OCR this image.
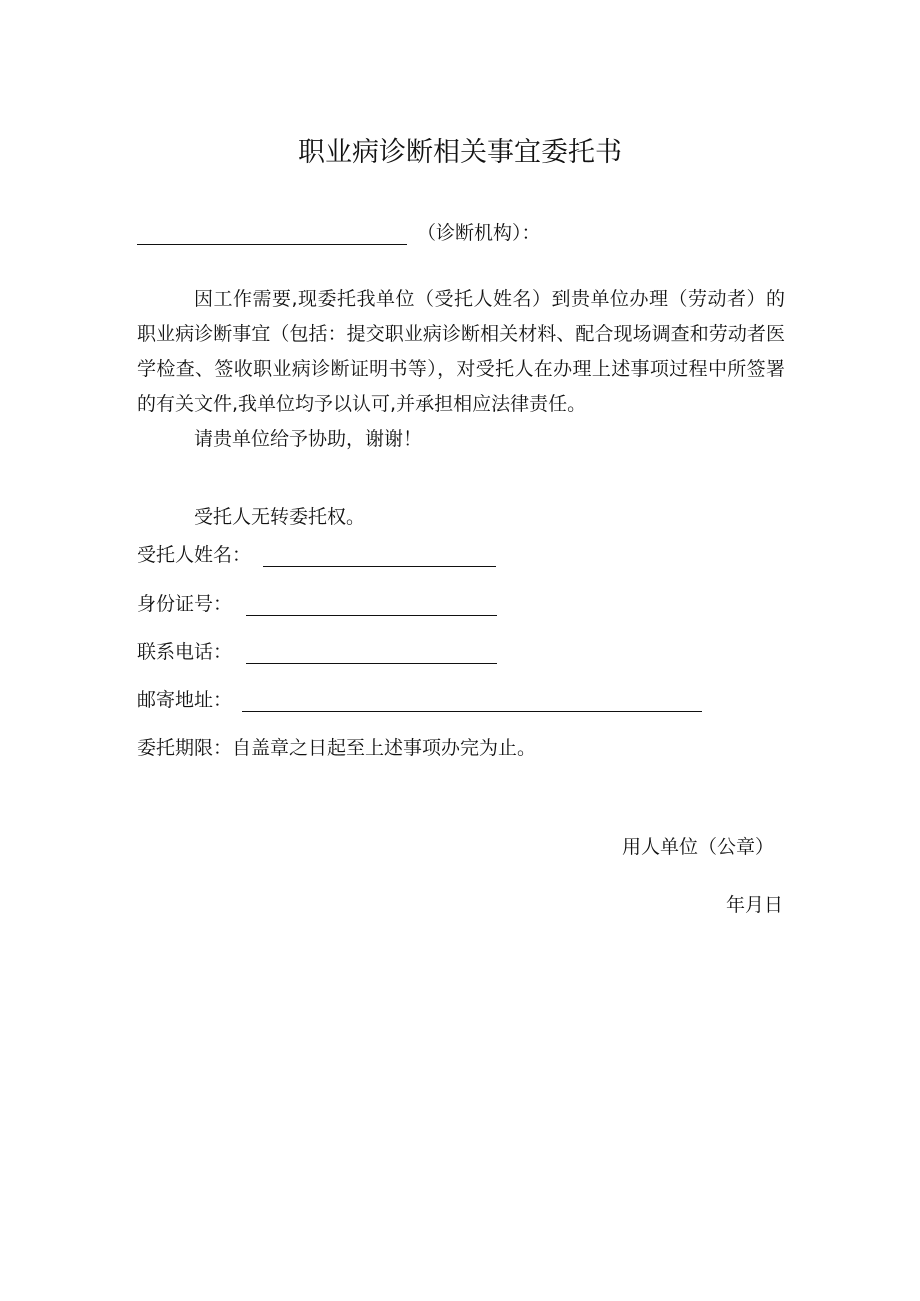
职业病诊断相关事宜委托书
（诊断机构）：

因工作需要,现委托我单位（受托人姓名）到贵单位办理（劳动者）的职业病诊断事宜（包括：提交职业病诊断相关材料、配合现场调查和劳动者医学检查、签收职业病诊断证明书等），对受托人在办理上述事项过程中所签署的有关文件,我单位均予以认可,并承担相应法律责任。

请贵单位给予协助，谢谢！

受托人无转委托权。
受托人姓名：
身份证号：
联系电话：
邮寄地址：
委托期限： 自盖章之日起至上述事项办完为止。
用人单位（公章）
年月日
